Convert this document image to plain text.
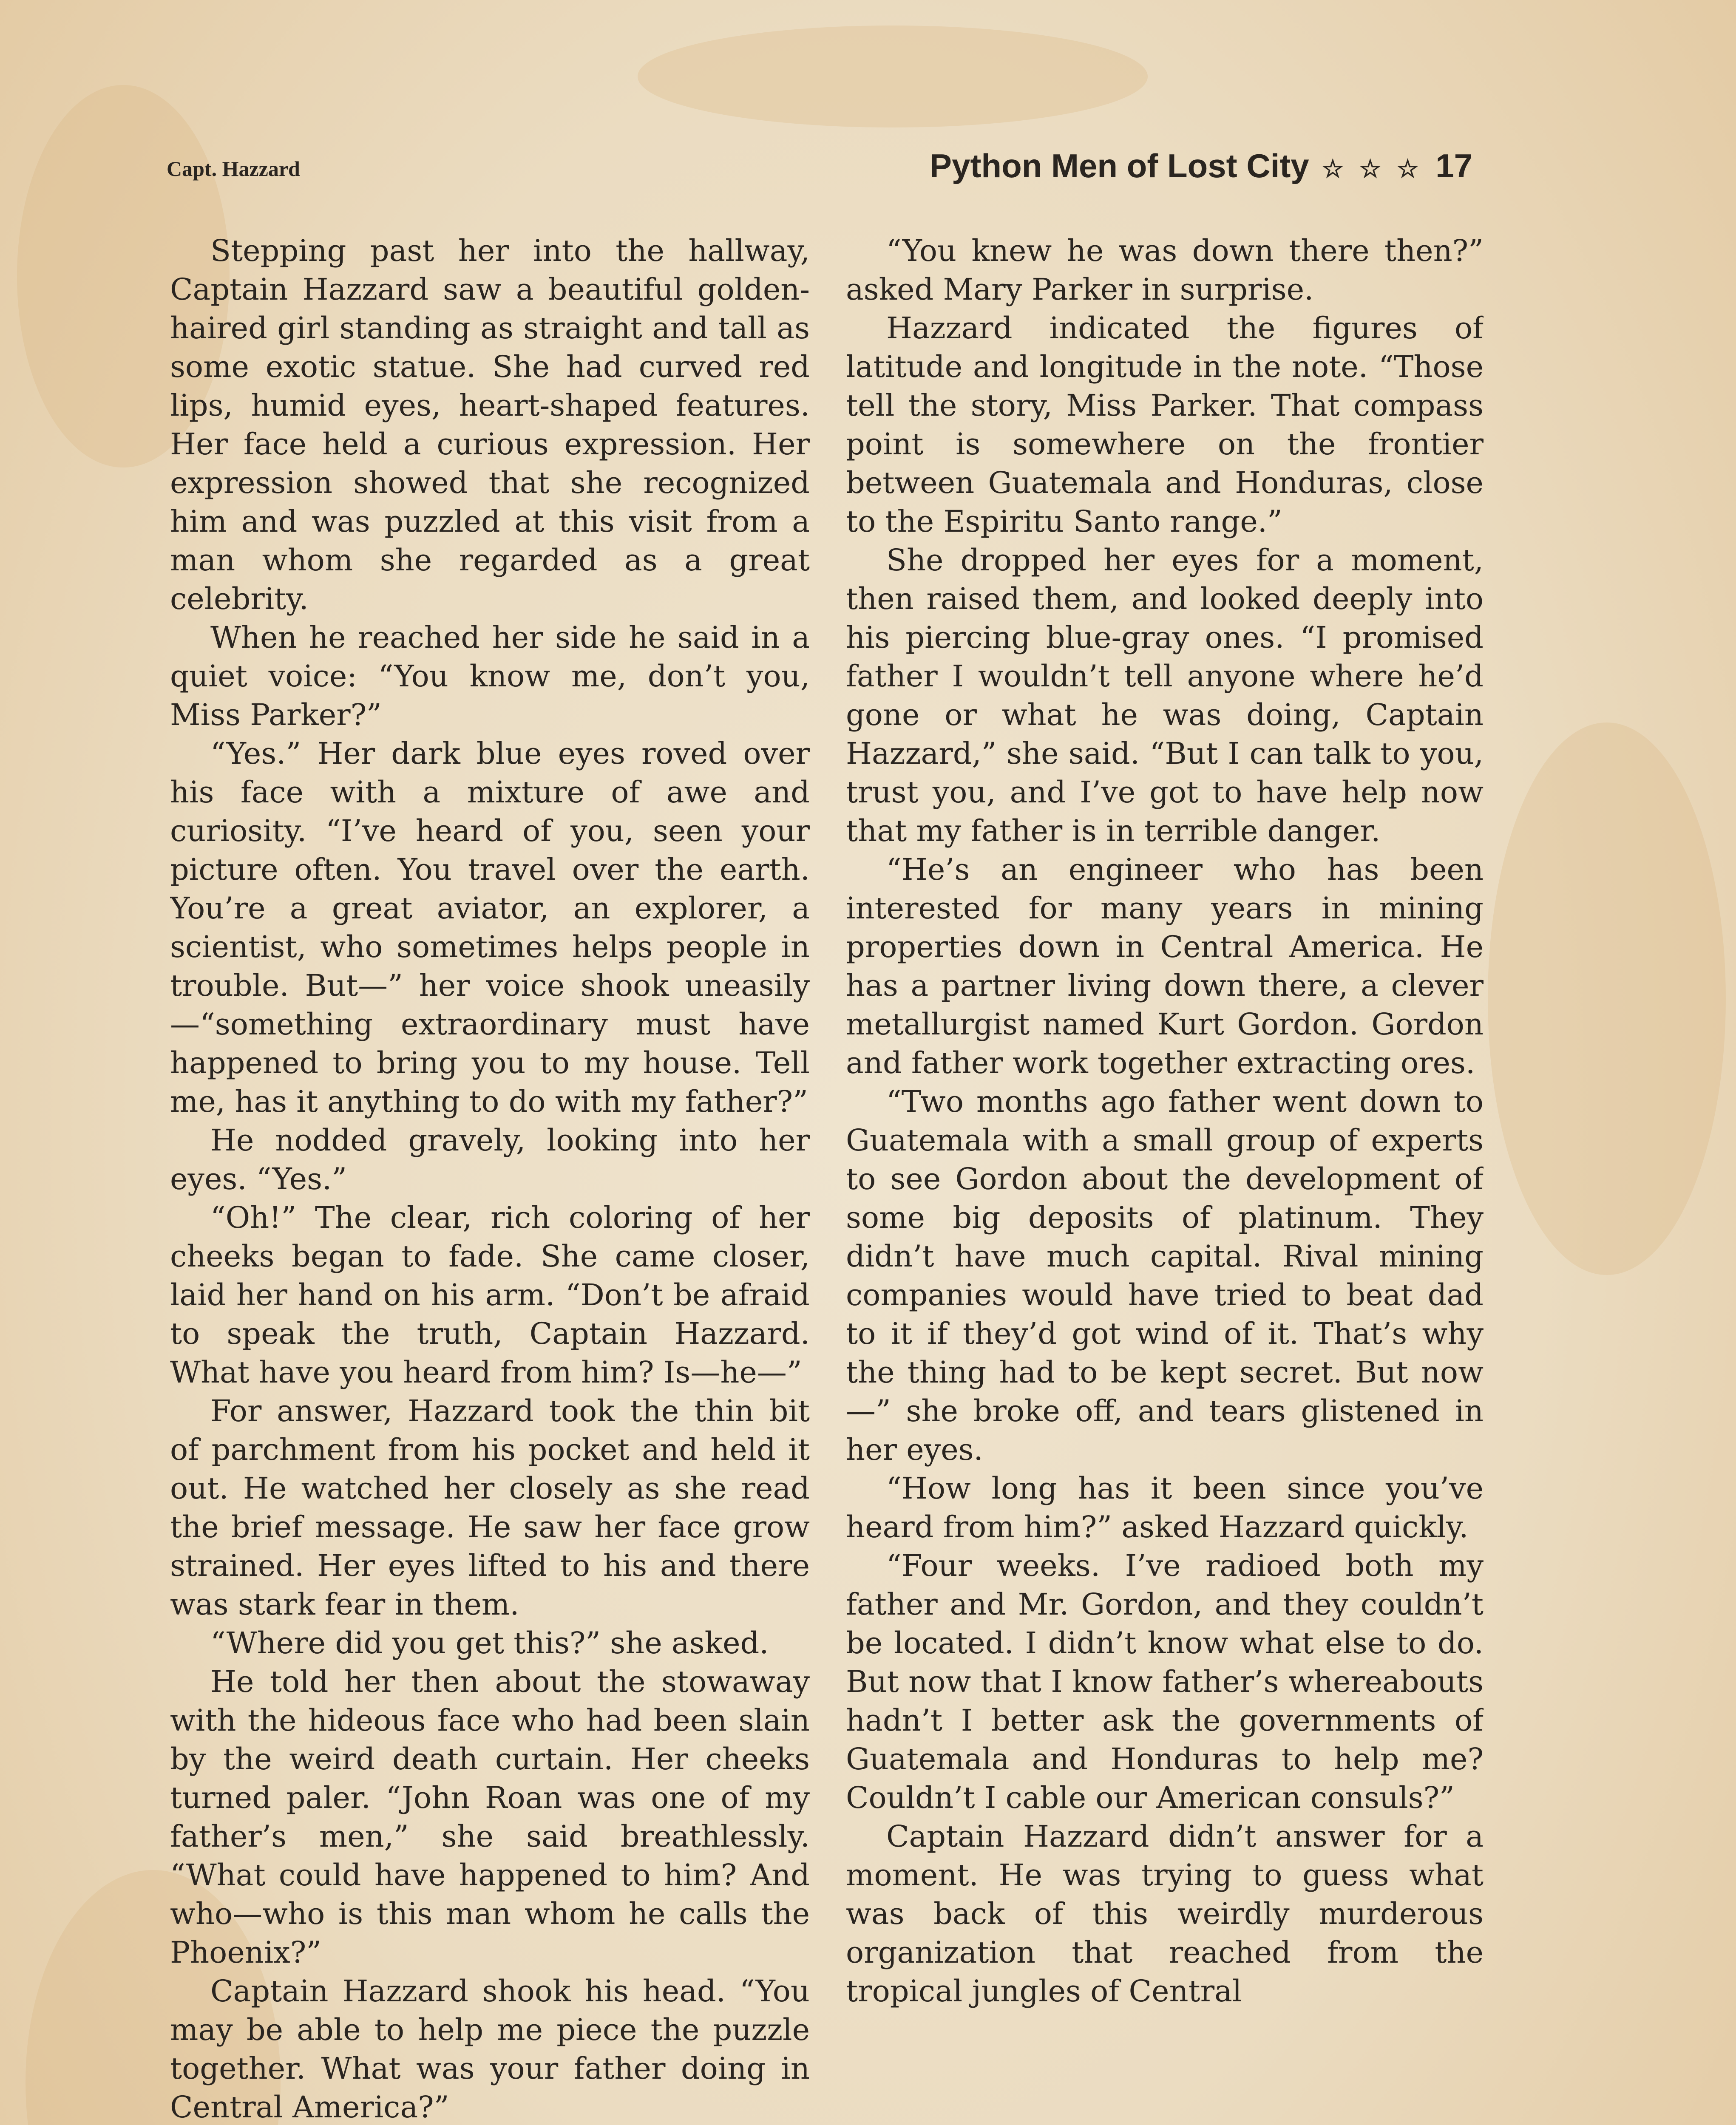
Capt. Hazzard	Python Men of Lost City ☆ ☆ ☆ 17

Stepping past her into the hallway, Captain Hazzard saw a beautiful golden-haired girl standing as straight and tall as some exotic statue. She had curved red lips, humid eyes, heart-shaped features. Her face held a curious expression. Her expression showed that she recognized him and was puzzled at this visit from a man whom she regarded as a great celebrity.

When he reached her side he said in a quiet voice: “You know me, don’t you, Miss Parker?”

“Yes.” Her dark blue eyes roved over his face with a mixture of awe and curiosity. “I’ve heard of you, seen your picture often. You travel over the earth. You’re a great aviator, an explorer, a scientist, who sometimes helps people in trouble. But—” her voice shook uneasily—“something extraordinary must have happened to bring you to my house. Tell me, has it anything to do with my father?”

He nodded gravely, looking into her eyes. “Yes.”

“Oh!” The clear, rich coloring of her cheeks began to fade. She came closer, laid her hand on his arm. “Don’t be afraid to speak the truth, Captain Hazzard. What have you heard from him? Is—he—”

For answer, Hazzard took the thin bit of parchment from his pocket and held it out. He watched her closely as she read the brief message. He saw her face grow strained. Her eyes lifted to his and there was stark fear in them.

“Where did you get this?” she asked.

He told her then about the stowaway with the hideous face who had been slain by the weird death curtain. Her cheeks turned paler. “John Roan was one of my father’s men,” she said breathlessly. “What could have happened to him? And who—who is this man whom he calls the Phoenix?”

Captain Hazzard shook his head. “You may be able to help me piece the puzzle together. What was your father doing in Central America?”

“You knew he was down there then?” asked Mary Parker in surprise.

Hazzard indicated the figures of latitude and longitude in the note. “Those tell the story, Miss Parker. That compass point is somewhere on the frontier between Guatemala and Honduras, close to the Espiritu Santo range.”

She dropped her eyes for a moment, then raised them, and looked deeply into his piercing blue-gray ones. “I promised father I wouldn’t tell anyone where he’d gone or what he was doing, Captain Hazzard,” she said. “But I can talk to you, trust you, and I’ve got to have help now that my father is in terrible danger.

“He’s an engineer who has been interested for many years in mining properties down in Central America. He has a partner living down there, a clever metallurgist named Kurt Gordon. Gordon and father work together extracting ores.

“Two months ago father went down to Guatemala with a small group of experts to see Gordon about the development of some big deposits of platinum. They didn’t have much capital. Rival mining companies would have tried to beat dad to it if they’d got wind of it. That’s why the thing had to be kept secret. But now—” she broke off, and tears glistened in her eyes.

“How long has it been since you’ve heard from him?” asked Hazzard quickly.

“Four weeks. I’ve radioed both my father and Mr. Gordon, and they couldn’t be located. I didn’t know what else to do. But now that I know father’s whereabouts hadn’t I better ask the governments of Guatemala and Honduras to help me? Couldn’t I cable our American consuls?”

Captain Hazzard didn’t answer for a moment. He was trying to guess what was back of this weirdly murderous organization that reached from the tropical jungles of Central
